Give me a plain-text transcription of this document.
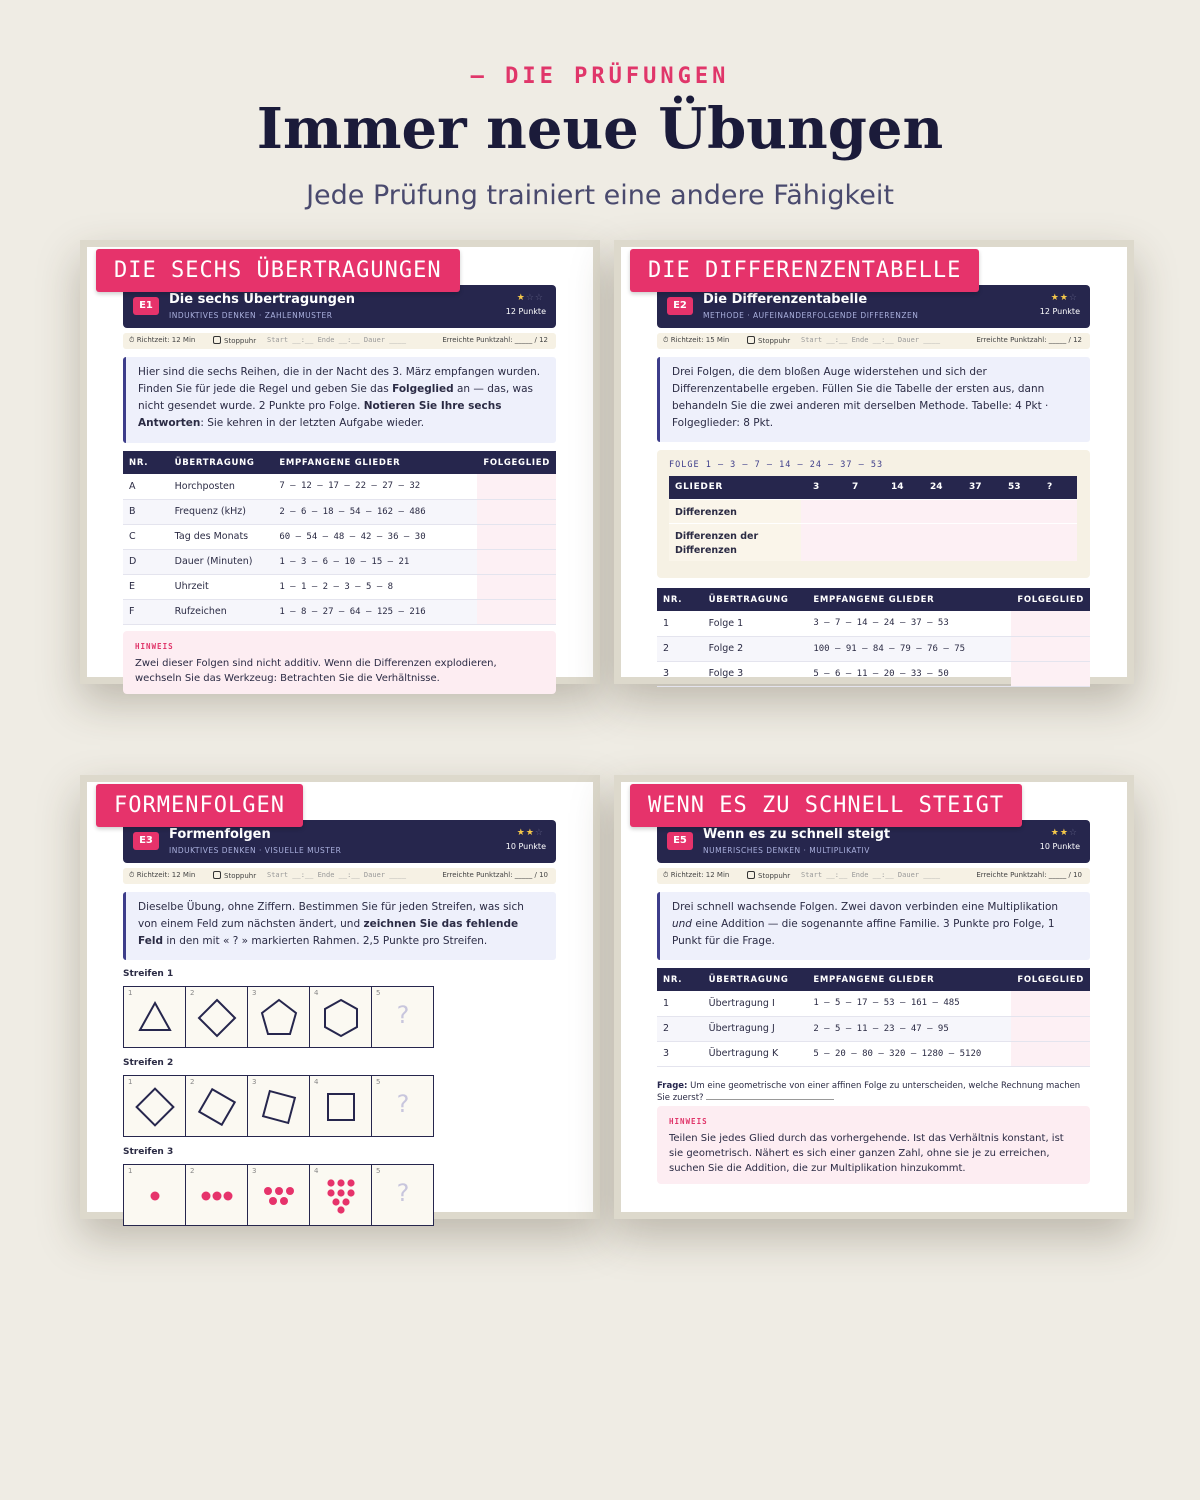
— DIE PRÜFUNGEN
Immer neue Übungen
Jede Prüfung trainiert eine andere Fähigkeit
DIE SECHS ÜBERTRAGUNGEN
E1	Die sechs Übertragungen
INDUKTIVES DENKEN · ZAHLENMUSTER
★☆☆
12 Punkte
⏱ Richtzeit: 12 Min	Stoppuhr Start __:__ Ende __:__ Dauer ____	Erreichte Punktzahl: _____ / 12
Hier sind die sechs Reihen, die in der Nacht des 3. März empfangen wurden. Finden Sie für jede die Regel und geben Sie das Folgeglied an — das, was nicht gesendet wurde. 2 Punkte pro Folge. Notieren Sie Ihre sechs Antworten: Sie kehren in der letzten Aufgabe wieder.
NR.	ÜBERTRAGUNG	EMPFANGENE GLIEDER	FOLGEGLIED
A	Horchposten	7 — 12 — 17 — 22 — 27 — 32	
B	Frequenz (kHz)	2 — 6 — 18 — 54 — 162 — 486	
C	Tag des Monats	60 — 54 — 48 — 42 — 36 — 30	
D	Dauer (Minuten)	1 — 3 — 6 — 10 — 15 — 21	
E	Uhrzeit	1 — 1 — 2 — 3 — 5 — 8	
F	Rufzeichen	1 — 8 — 27 — 64 — 125 — 216	
HINWEIS
Zwei dieser Folgen sind nicht additiv. Wenn die Differenzen explodieren, wechseln Sie das Werkzeug: Betrachten Sie die Verhältnisse.
DIE DIFFERENZENTABELLE
E2	Die Differenzentabelle
METHODE · AUFEINANDERFOLGENDE DIFFERENZEN
★★☆
12 Punkte
⏱ Richtzeit: 15 Min	Stoppuhr Start __:__ Ende __:__ Dauer ____	Erreichte Punktzahl: _____ / 12
Drei Folgen, die dem bloßen Auge widerstehen und sich der Differenzentabelle ergeben. Füllen Sie die Tabelle der ersten aus, dann behandeln Sie die zwei anderen mit derselben Methode. Tabelle: 4 Pkt · Folgeglieder: 8 Pkt.
FOLGE 1 — 3 — 7 — 14 — 24 — 37 — 53
GLIEDER	3	7	14	24	37	53	?
Differenzen
Differenzen der Differenzen
NR.	ÜBERTRAGUNG	EMPFANGENE GLIEDER	FOLGEGLIED
1	Folge 1	3 — 7 — 14 — 24 — 37 — 53	
2	Folge 2	100 — 91 — 84 — 79 — 76 — 75	
3	Folge 3	5 — 6 — 11 — 20 — 33 — 50	
FORMENFOLGEN
E3	Formenfolgen
INDUKTIVES DENKEN · VISUELLE MUSTER
★★☆
10 Punkte
⏱ Richtzeit: 12 Min	Stoppuhr Start __:__ Ende __:__ Dauer ____	Erreichte Punktzahl: _____ / 10
Dieselbe Übung, ohne Ziffern. Bestimmen Sie für jeden Streifen, was sich von einem Feld zum nächsten ändert, und zeichnen Sie das fehlende Feld in den mit « ? » markierten Rahmen. 2,5 Punkte pro Streifen.
Streifen 1
1	2	3	4	5
?
Streifen 2
1	2	3	4	5
?
Streifen 3
1	2	3	4	5
?
WENN ES ZU SCHNELL STEIGT
E5	Wenn es zu schnell steigt
NUMERISCHES DENKEN · MULTIPLIKATIV
★★☆
10 Punkte
⏱ Richtzeit: 12 Min	Stoppuhr Start __:__ Ende __:__ Dauer ____	Erreichte Punktzahl: _____ / 10
Drei schnell wachsende Folgen. Zwei davon verbinden eine Multiplikation und eine Addition — die sogenannte affine Familie. 3 Punkte pro Folge, 1 Punkt für die Frage.
NR.	ÜBERTRAGUNG	EMPFANGENE GLIEDER	FOLGEGLIED
1	Übertragung I	1 — 5 — 17 — 53 — 161 — 485	
2	Übertragung J	2 — 5 — 11 — 23 — 47 — 95	
3	Übertragung K	5 — 20 — 80 — 320 — 1280 — 5120	
Frage: Um eine geometrische von einer affinen Folge zu unterscheiden, welche Rechnung machen Sie zuerst?
HINWEIS
Teilen Sie jedes Glied durch das vorhergehende. Ist das Verhältnis konstant, ist sie geometrisch. Nähert es sich einer ganzen Zahl, ohne sie je zu erreichen, suchen Sie die Addition, die zur Multiplikation hinzukommt.
